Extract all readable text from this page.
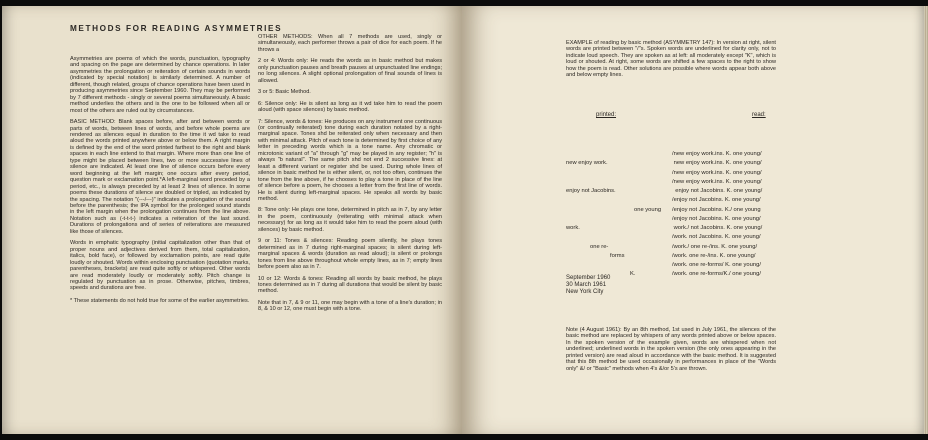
METHODS FOR READING ASYMMETRIES

Asymmetries are poems of which the words, punctuation, typography and spacing on the page are determined by chance operations. In later asymmetries the prolongation or reiteration of certain sounds in words (indicated by special notation) is similarly determined. A number of different, though related, groups of chance operations have been used in producing asymmetries since September 1960. They may be performed by 7 different methods - singly or several poems simultaneously. A basic method underlies the others and is the one to be followed when all or most of the others are ruled out by circumstances.

BASIC METHOD: Blank spaces before, after and between words or parts of words, between lines of words, and before whole poems are rendered as silences equal in duration to the time it wd take to read aloud the words printed anywhere above or below them. A right margin is defined by the end of the word printed farthest to the right and blank spaces in each line extend to that margin. Where more than one line of type might be placed between lines, two or more successive lines of silence are indicated. At least one line of silence occurs before every word beginning at the left margin; one occurs after every period, question mark or exclamation point.*A left-marginal word preceded by a period, etc., is always preceded by at least 2 lines of silence. In some poems these durations of silence are doubled or tripled, as indicated by the spacing. The notation "(---/---)" indicates a prolongation of the sound before the parenthesis; the IPA symbol for the prolonged sound stands in the left margin when the prolongation continues from the line above. Notation such as (-t-t-t-) indicates a reiteration of the last sound. Durations of prolongations and of series of reiterations are measured like those of silences.

Words in emphatic typography (initial capitalization other than that of proper nouns and adjectives derived from them, total capitalization, italics, bold face), or followed by exclamation points, are read quite loudly or shouted. Words within enclosing punctuation (quotation marks, parentheses, brackets) are read quite softly or whispered. Other words are read moderately loudly or moderately softly. Pitch change is regulated by punctuation as in prose. Otherwise, pitches, timbres, speeds and durations are free.

* These statements do not hold true for some of the earlier asymmetries.

OTHER METHODS: When all 7 methods are used, singly or simultaneously, each performer throws a pair of dice for each poem. If he throws a

2 or 4: Words only: He reads the words as in basic method but makes only punctuation pauses and breath pauses at unpunctuated line endings; no long silences. A slight optional prolongation of final sounds of lines is allowed.

3 or 5: Basic Method.

6: Silence only: He is silent as long as it wd take him to read the poem aloud (with space silences) by basic method.

7: Silence, words & tones: He produces on any instrument one continuous (or continually reiterated) tone during each duration notated by a right-marginal space. Tones shd be reiterated only when necessary and then with minimal attack. Pitch of each tone is determined by first choice of any letter in preceding words which is a tone name. Any chromatic or microtonic variant of "a" through "g" may be played in any register; "h" is always "b natural". The same pitch shd not end 2 successive lines: at least a different variant or register shd be used. During whole lines of silence in basic method he is either silent, or, not too often, continues the tone from the line above, if he chooses to play a tone in place of the line of silence before a poem, he chooses a letter from the first line of words. He is silent during left-marginal spaces. He speaks all words by basic method.

8: Tone only: He plays one tone, determined in pitch as in 7, by any letter in the poem, continuously (reiterating with minimal attack when necessary) for as long as it would take him to read the poem aloud (with silences) by basic method.

9 or 11: Tones & silences: Reading poem silently, he plays tones determined as in 7 during right-marginal spaces; is silent during left-marginal spaces & words (duration as read aloud); is silent or prolongs tones from line above throughout whole empty lines, as in 7; empty lines before poem also as in 7.

10 or 12: Words & tones: Reading all words by basic method, he plays tones determined as in 7 during all durations that would be silent by basic method.

Note that in 7, & 9 or 11, one may begin with a tone of a line's duration; in 8, & 10 or 12, one must begin with a tone.

EXAMPLE of reading by basic method (ASYMMETRY 147): In version at right, silent words are printed between "/"s. Spoken words are underlined for clarity only, not to indicate loud speech. They are spoken as at left: all moderately except "K", which is loud or shouted. At right, some words are shifted a few spaces to the right to show how the poem is read. Other solutions are possible where words appear both above and below empty lines.

printed:	read:
/new enjoy work.ins. K. one young/
new enjoy work.	new enjoy work.ins. K. one young/
/new enjoy work.ins. K. one young/
/new enjoy work.ins. K. one young/
enjoy not Jacobins.	enjoy not Jacobins. K. one young/
/enjoy not Jacobins. K. one young/
one young /enjoy not Jacobins. K./ one young
/enjoy not Jacobins. K. one young/
work.	work./ not Jacobins. K. one young/
/work. not Jacobins. K. one young/
one re-	/work./ one re-/ins. K. one young/
forms	/work. one re-/ins. K. one young/
/work. one re-forms/ K. one young/
K.	/work. one re-forms/K./ one young/
September 1960
30 March 1961
New York City

Note (4 August 1961): By an 8th method, 1st used in July 1961, the silences of the basic method are replaced by whispers of any words printed above or below spaces. In the spoken version of the example given, words are whispered when not underlined; underlined words in the spoken version (the only ones appearing in the printed version) are read aloud in accordance with the basic method. It is suggested that this 8th method be used occasionally in performances in place of the "Words only" &/ or "Basic" methods when 4's &/or 5's are thrown.
